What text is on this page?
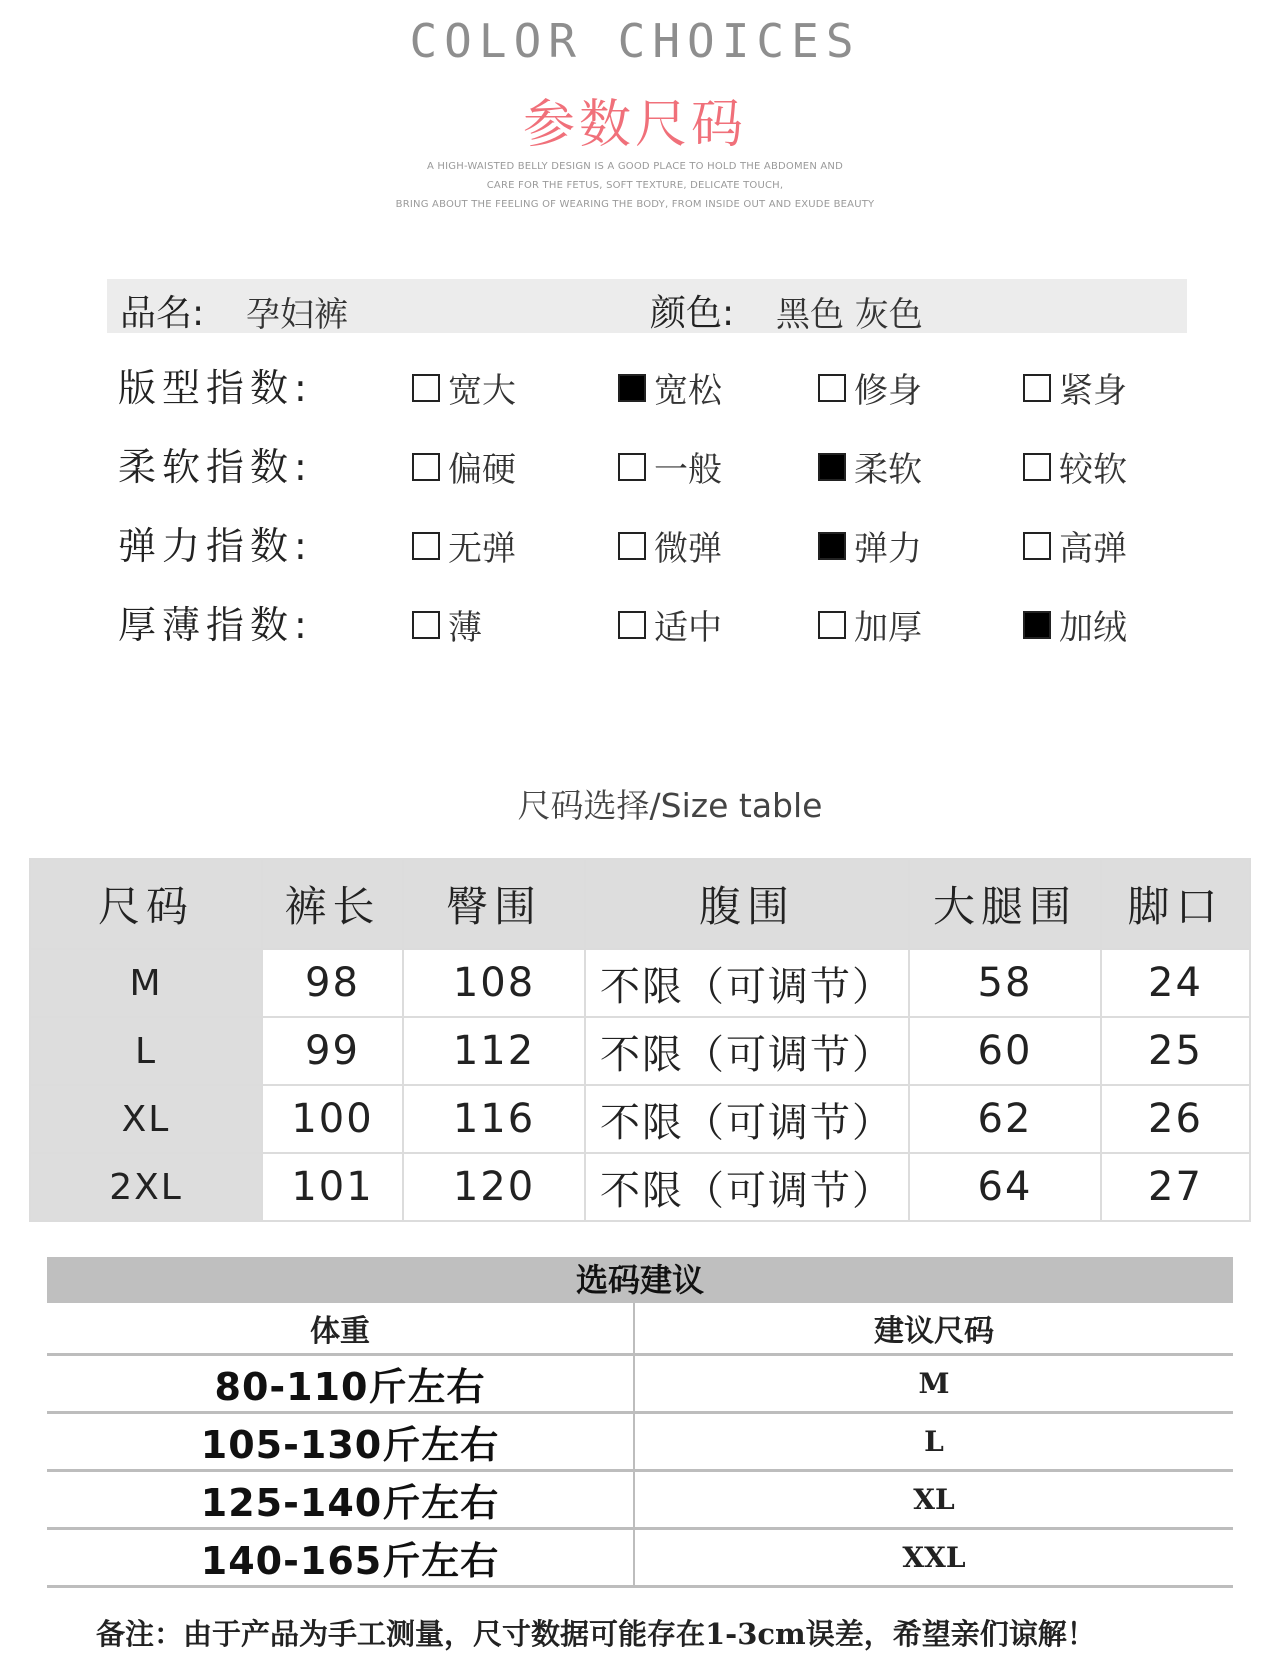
COLOR CHOICES
参数尺码
A HIGH-WAISTED BELLY DESIGN IS A GOOD PLACE TO HOLD THE ABDOMEN AND
CARE FOR THE FETUS, SOFT TEXTURE, DELICATE TOUCH,
BRING ABOUT THE FEELING OF WEARING THE BODY, FROM INSIDE OUT AND EXUDE BEAUTY
品名: 孕妇裤	颜色: 黑色 灰色
版型指数:	宽大	宽松	修身	紧身
柔软指数:	偏硬	一般	柔软	较软
弹力指数:	无弹	微弹	弹力	高弹
厚薄指数:	薄	适中	加厚	加绒
尺码选择/Size table
尺码	裤长	臀围	腹围	大腿围	脚口
M	98	108	不限（可调节）	58	24
L	99	112	不限（可调节）	60	25
XL	100	116	不限（可调节）	62	26
2XL	101	120	不限（可调节）	64	27
选码建议
体重	建议尺码
80-110斤左右	M
105-130斤左右	L
125-140斤左右	XL
140-165斤左右	XXL
备注：由于产品为手工测量，尺寸数据可能存在1-3cm误差，希望亲们谅解！
